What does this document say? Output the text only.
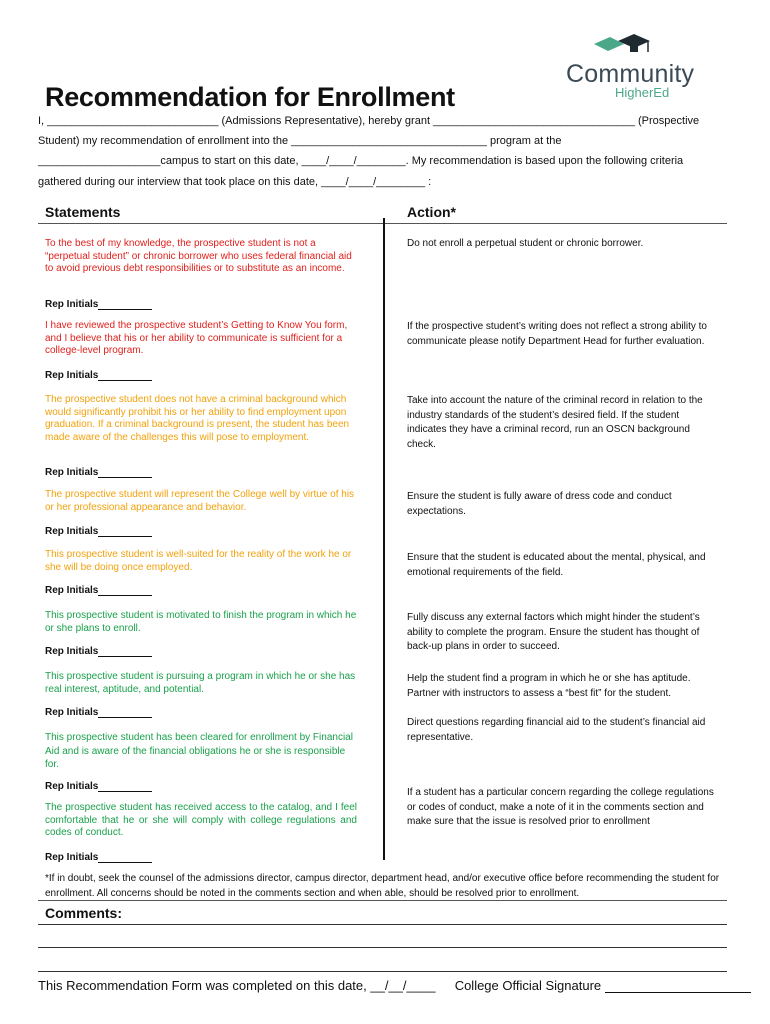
Community
HigherEd
Recommendation for Enrollment
I, ____________________________ (Admissions Representative), hereby grant _________________________________ (Prospective
Student) my recommendation of enrollment into the ________________________________ program at the
____________________campus to start on this date, ____/____/________. My recommendation is based upon the following criteria
gathered during our interview that took place on this date, ____/____/________ :
Statements	Action*
To the best of my knowledge, the prospective student is not a “perpetual student” or chronic borrower who uses federal financial aid to avoid previous debt responsibilities or to substitute as an income.
Do not enroll a perpetual student or chronic borrower.
Rep Initials
I have reviewed the prospective student’s Getting to Know You form, and I believe that his or her ability to communicate is sufficient for a college-level program.
If the prospective student’s writing does not reflect a strong ability to communicate please notify Department Head for further evaluation.
Rep Initials
The prospective student does not have a criminal background which would significantly prohibit his or her ability to find employment upon graduation. If a criminal background is present, the student has been made aware of the challenges this will pose to employment.
Take into account the nature of the criminal record in relation to the industry standards of the student’s desired field. If the student indicates they have a criminal record, run an OSCN background check.
Rep Initials
The prospective student will represent the College well by virtue of his or her professional appearance and behavior.
Ensure the student is fully aware of dress code and conduct expectations.
Rep Initials
This prospective student is well-suited for the reality of the work he or she will be doing once employed.
Ensure that the student is educated about the mental, physical, and emotional requirements of the field.
Rep Initials
This prospective student is motivated to finish the program in which he or she plans to enroll.
Fully discuss any external factors which might hinder the student’s ability to complete the program. Ensure the student has thought of back-up plans in order to succeed.
Rep Initials
This prospective student is pursuing a program in which he or she has real interest, aptitude, and potential.
Help the student find a program in which he or she has aptitude. Partner with instructors to assess a “best fit” for the student.
Rep Initials
This prospective student has been cleared for enrollment by Financial Aid and is aware of the financial obligations he or she is responsible for.
Direct questions regarding financial aid to the student’s financial aid representative.
Rep Initials
The prospective student has received access to the catalog, and I feel comfortable that he or she will comply with college regulations and codes of conduct.
If a student has a particular concern regarding the college regulations or codes of conduct, make a note of it in the comments section and make sure that the issue is resolved prior to enrollment
Rep Initials
*If in doubt, seek the counsel of the admissions director, campus director, department head, and/or executive office before recommending the student for enrollment. All concerns should be noted in the comments section and when able, should be resolved prior to enrollment.
Comments:
This Recommendation Form was completed on this date, __/__/____ College Official Signature
